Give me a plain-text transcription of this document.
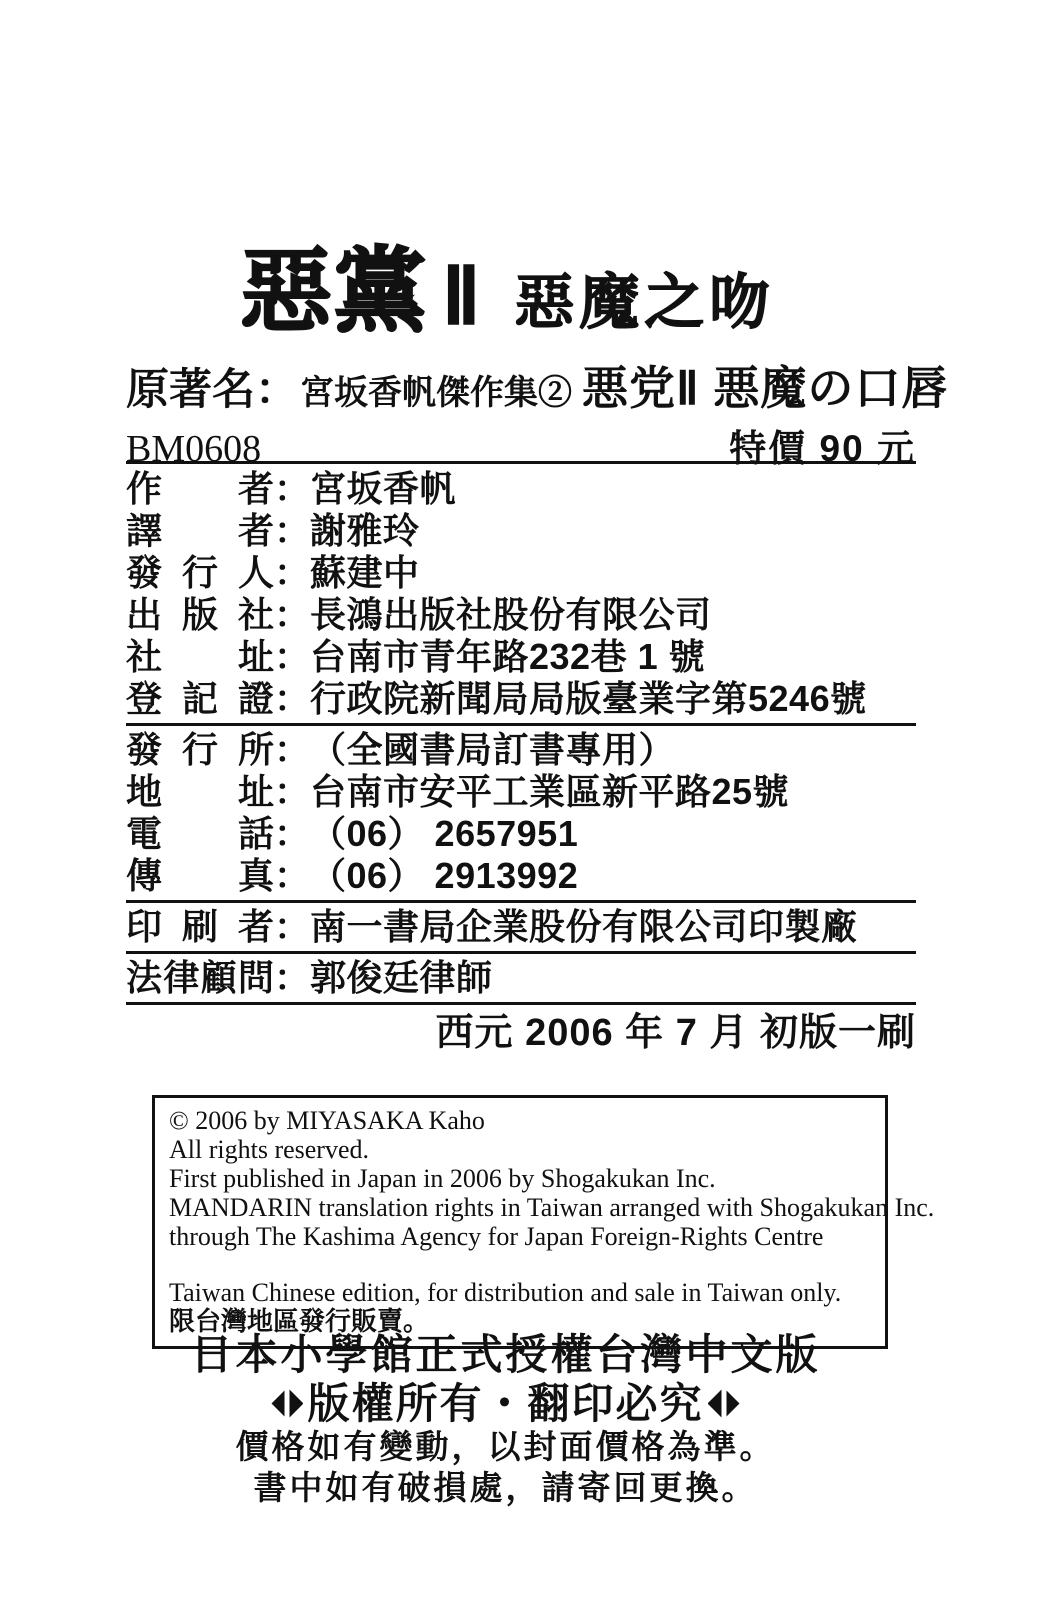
惡黨 Ⅱ 惡魔之吻
原著名： 宮坂香帆傑作集② 悪党Ⅱ 悪魔の口唇
BM0608	特價 90 元
作 者：宮坂香帆
譯 者：謝雅玲
發 行 人：蘇建中
出 版 社：長鴻出版社股份有限公司
社 址：台南市青年路232巷 1 號
登 記 證：行政院新聞局局版臺業字第5246號
發 行 所：（全國書局訂書專用）
地 址：台南市安平工業區新平路25號
電 話：（06） 2657951
傳 真：（06） 2913992
印 刷 者：南一書局企業股份有限公司印製廠
法律顧問：郭俊廷律師
西元 2006 年 7 月 初版一刷
© 2006 by MIYASAKA Kaho
All rights reserved.
First published in Japan in 2006 by Shogakukan Inc.
MANDARIN translation rights in Taiwan arranged with Shogakukan Inc.
through The Kashima Agency for Japan Foreign-Rights Centre
Taiwan Chinese edition, for distribution and sale in Taiwan only.
限台灣地區發行販賣。
日本小學館正式授權台灣中文版
版權所有・翻印必究
價格如有變動，以封面價格為準。
書中如有破損處，請寄回更換。
